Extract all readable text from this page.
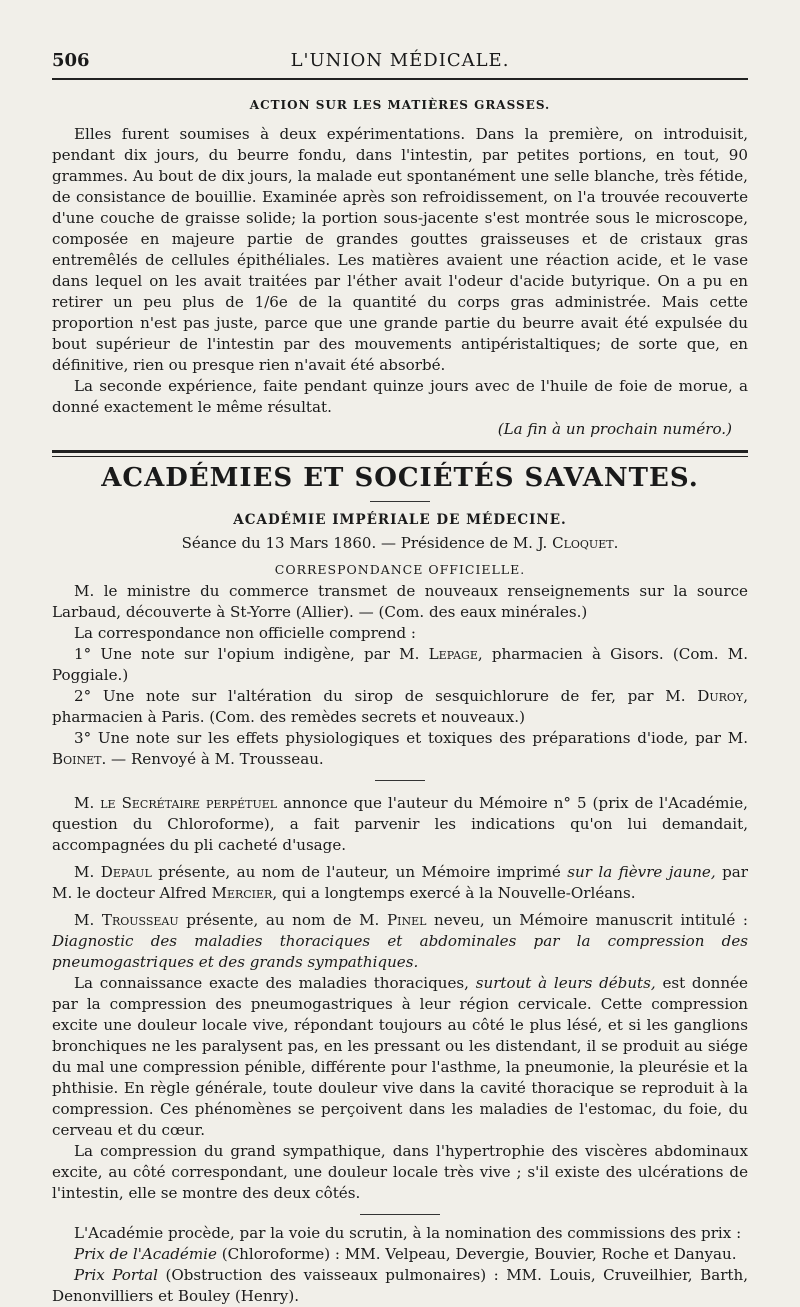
506	L'UNION MÉDICALE.
ACTION SUR LES MATIÈRES GRASSES.

Elles furent soumises à deux expérimentations. Dans la première, on introduisit, pendant dix jours, du beurre fondu, dans l'intestin, par petites portions, en tout, 90 grammes. Au bout de dix jours, la malade eut spontanément une selle blanche, très fétide, de consistance de bouillie. Examinée après son refroidissement, on l'a trouvée recouverte d'une couche de graisse solide; la portion sous-jacente s'est montrée sous le microscope, composée en majeure partie de grandes gouttes graisseuses et de cristaux gras entremêlés de cellules épithéliales. Les matières avaient une réaction acide, et le vase dans lequel on les avait traitées par l'éther avait l'odeur d'acide butyrique. On a pu en retirer un peu plus de 1/6e de la quantité du corps gras administrée. Mais cette proportion n'est pas juste, parce que une grande partie du beurre avait été expulsée du bout supérieur de l'intestin par des mouvements antipéristaltiques; de sorte que, en définitive, rien ou presque rien n'avait été absorbé.

La seconde expérience, faite pendant quinze jours avec de l'huile de foie de morue, a donné exactement le même résultat.

(La fin à un prochain numéro.)
ACADÉMIES ET SOCIÉTÉS SAVANTES.
ACADÉMIE IMPÉRIALE DE MÉDECINE.
Séance du 13 Mars 1860. — Présidence de M. J. Cloquet.
CORRESPONDANCE OFFICIELLE.

M. le ministre du commerce transmet de nouveaux renseignements sur la source Larbaud, découverte à St-Yorre (Allier). — (Com. des eaux minérales.)

La correspondance non officielle comprend :

1° Une note sur l'opium indigène, par M. Lepage, pharmacien à Gisors. (Com. M. Poggiale.)

2° Une note sur l'altération du sirop de sesquichlorure de fer, par M. Duroy, pharmacien à Paris. (Com. des remèdes secrets et nouveaux.)

3° Une note sur les effets physiologiques et toxiques des préparations d'iode, par M. Boinet. — Renvoyé à M. Trousseau.

M. le Secrétaire perpétuel annonce que l'auteur du Mémoire n° 5 (prix de l'Académie, question du Chloroforme), a fait parvenir les indications qu'on lui demandait, accompagnées du pli cacheté d'usage.

M. Depaul présente, au nom de l'auteur, un Mémoire imprimé sur la fièvre jaune, par M. le docteur Alfred Mercier, qui a longtemps exercé à la Nouvelle-Orléans.

M. Trousseau présente, au nom de M. Pinel neveu, un Mémoire manuscrit intitulé : Diagnostic des maladies thoraciques et abdominales par la compression des pneumogastriques et des grands sympathiques.

La connaissance exacte des maladies thoraciques, surtout à leurs débuts, est donnée par la compression des pneumogastriques à leur région cervicale. Cette compression excite une douleur locale vive, répondant toujours au côté le plus lésé, et si les ganglions bronchiques ne les paralysent pas, en les pressant ou les distendant, il se produit au siége du mal une compression pénible, différente pour l'asthme, la pneumonie, la pleurésie et la phthisie. En règle générale, toute douleur vive dans la cavité thoracique se reproduit à la compression. Ces phénomènes se perçoivent dans les maladies de l'estomac, du foie, du cerveau et du cœur.

La compression du grand sympathique, dans l'hypertrophie des viscères abdominaux excite, au côté correspondant, une douleur locale très vive ; s'il existe des ulcérations de l'intestin, elle se montre des deux côtés.

L'Académie procède, par la voie du scrutin, à la nomination des commissions des prix :

Prix de l'Académie (Chloroforme) : MM. Velpeau, Devergie, Bouvier, Roche et Danyau.

Prix Portal (Obstruction des vaisseaux pulmonaires) : MM. Louis, Cruveilhier, Barth, Denonvilliers et Bouley (Henry).
